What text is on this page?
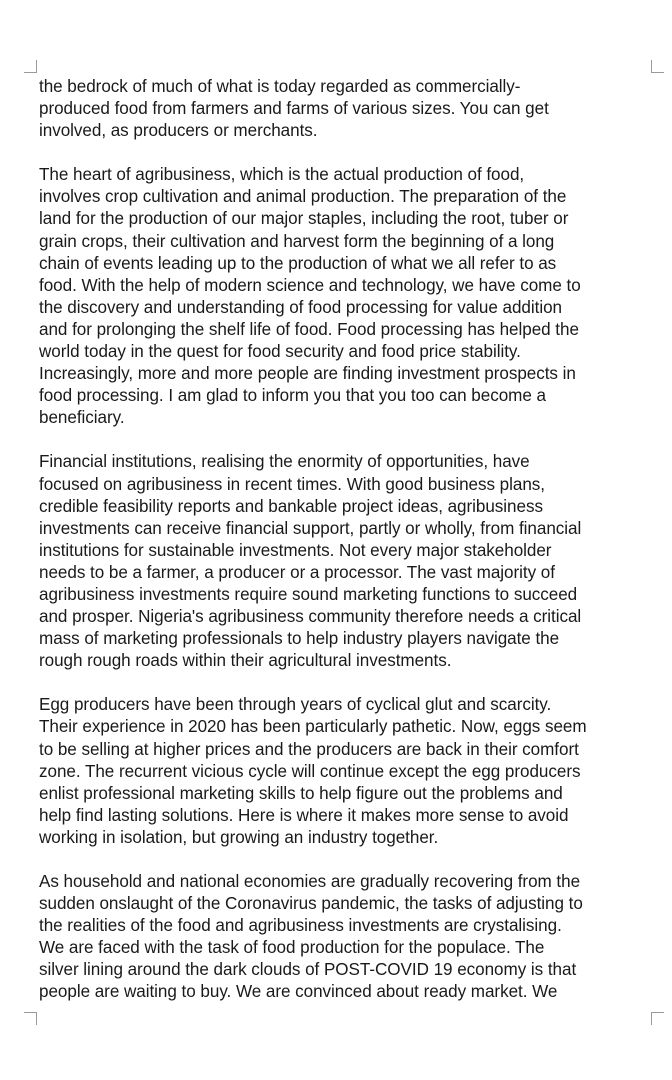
the bedrock of much of what is today regarded as commercially-
produced food from farmers and farms of various sizes. You can get
involved, as producers or merchants.

The heart of agribusiness, which is the actual production of food,
involves crop cultivation and animal production. The preparation of the
land for the production of our major staples, including the root, tuber or
grain crops, their cultivation and harvest form the beginning of a long
chain of events leading up to the production of what we all refer to as
food. With the help of modern science and technology, we have come to
the discovery and understanding of food processing for value addition
and for prolonging the shelf life of food. Food processing has helped the
world today in the quest for food security and food price stability.
Increasingly, more and more people are finding investment prospects in
food processing. I am glad to inform you that you too can become a
beneficiary.

Financial institutions, realising the enormity of opportunities, have
focused on agribusiness in recent times. With good business plans,
credible feasibility reports and bankable project ideas, agribusiness
investments can receive financial support, partly or wholly, from financial
institutions for sustainable investments. Not every major stakeholder
needs to be a farmer, a producer or a processor. The vast majority of
agribusiness investments require sound marketing functions to succeed
and prosper. Nigeria's agribusiness community therefore needs a critical
mass of marketing professionals to help industry players navigate the
rough rough roads within their agricultural investments.

Egg producers have been through years of cyclical glut and scarcity.
Their experience in 2020 has been particularly pathetic. Now, eggs seem
to be selling at higher prices and the producers are back in their comfort
zone. The recurrent vicious cycle will continue except the egg producers
enlist professional marketing skills to help figure out the problems and
help find lasting solutions. Here is where it makes more sense to avoid
working in isolation, but growing an industry together.

As household and national economies are gradually recovering from the
sudden onslaught of the Coronavirus pandemic, the tasks of adjusting to
the realities of the food and agribusiness investments are crystalising.
We are faced with the task of food production for the populace. The
silver lining around the dark clouds of POST-COVID 19 economy is that
people are waiting to buy. We are convinced about ready market. We
